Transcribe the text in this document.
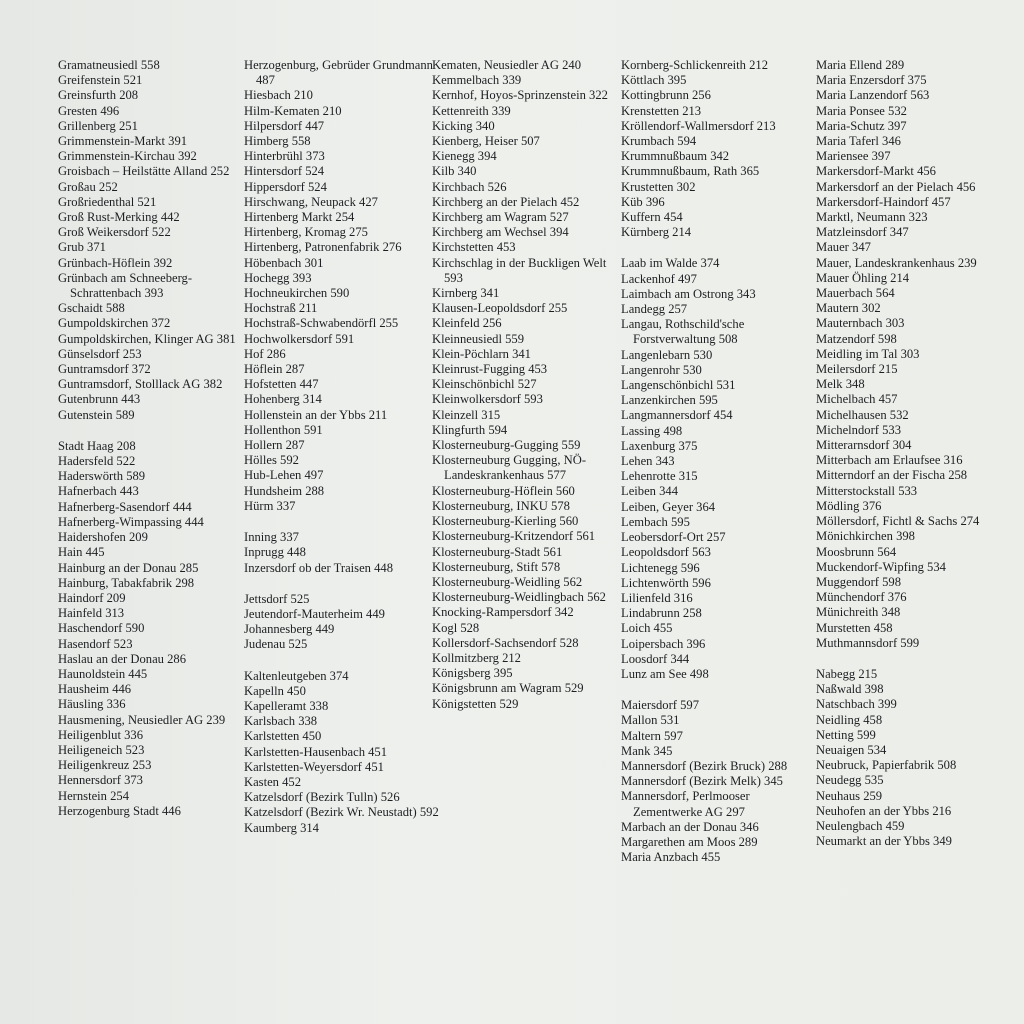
Gramatneusiedl 558

Greifenstein 521

Greinsfurth 208

Gresten 496

Grillenberg 251

Grimmenstein-Markt 391

Grimmenstein-Kirchau 392

Groisbach – Heilstätte Alland 252

Großau 252

Großriedenthal 521

Groß Rust-Merking 442

Groß Weikersdorf 522

Grub 371

Grünbach-Höflein 392

Grünbach am Schneeberg-Schrattenbach 393

Gschaidt 588

Gumpoldskirchen 372

Gumpoldskirchen, Klinger AG 381

Günselsdorf 253

Guntramsdorf 372

Guntramsdorf, Stolllack AG 382

Gutenbrunn 443

Gutenstein 589

Stadt Haag 208

Hadersfeld 522

Haderswörth 589

Hafnerbach 443

Hafnerberg-Sasendorf 444

Hafnerberg-Wimpassing 444

Haidershofen 209

Hain 445

Hainburg an der Donau 285

Hainburg, Tabakfabrik 298

Haindorf 209

Hainfeld 313

Haschendorf 590

Hasendorf 523

Haslau an der Donau 286

Haunoldstein 445

Hausheim 446

Häusling 336

Hausmening, Neusiedler AG 239

Heiligenblut 336

Heiligeneich 523

Heiligenkreuz 253

Hennersdorf 373

Hernstein 254

Herzogenburg Stadt 446

Herzogenburg, Gebrüder Grundmann 487

Hiesbach 210

Hilm-Kematen 210

Hilpersdorf 447

Himberg 558

Hinterbrühl 373

Hintersdorf 524

Hippersdorf 524

Hirschwang, Neupack 427

Hirtenberg Markt 254

Hirtenberg, Kromag 275

Hirtenberg, Patronenfabrik 276

Höbenbach 301

Hochegg 393

Hochneukirchen 590

Hochstraß 211

Hochstraß-Schwabendörfl 255

Hochwolkersdorf 591

Hof 286

Höflein 287

Hofstetten 447

Hohenberg 314

Hollenstein an der Ybbs 211

Hollenthon 591

Hollern 287

Hölles 592

Hub-Lehen 497

Hundsheim 288

Hürm 337

Inning 337

Inprugg 448

Inzersdorf ob der Traisen 448

Jettsdorf 525

Jeutendorf-Mauterheim 449

Johannesberg 449

Judenau 525

Kaltenleutgeben 374

Kapelln 450

Kapelleramt 338

Karlsbach 338

Karlstetten 450

Karlstetten-Hausenbach 451

Karlstetten-Weyersdorf 451

Kasten 452

Katzelsdorf (Bezirk Tulln) 526

Katzelsdorf (Bezirk Wr. Neustadt) 592

Kaumberg 314

Kematen, Neusiedler AG 240

Kemmelbach 339

Kernhof, Hoyos-Sprinzenstein 322

Kettenreith 339

Kicking 340

Kienberg, Heiser 507

Kienegg 394

Kilb 340

Kirchbach 526

Kirchberg an der Pielach 452

Kirchberg am Wagram 527

Kirchberg am Wechsel 394

Kirchstetten 453

Kirchschlag in der Buckligen Welt 593

Kirnberg 341

Klausen-Leopoldsdorf 255

Kleinfeld 256

Kleinneusiedl 559

Klein-Pöchlarn 341

Kleinrust-Fugging 453

Kleinschönbichl 527

Kleinwolkersdorf 593

Kleinzell 315

Klingfurth 594

Klosterneuburg-Gugging 559

Klosterneuburg Gugging, NÖ-Landeskrankenhaus 577

Klosterneuburg-Höflein 560

Klosterneuburg, INKU 578

Klosterneuburg-Kierling 560

Klosterneuburg-Kritzendorf 561

Klosterneuburg-Stadt 561

Klosterneuburg, Stift 578

Klosterneuburg-Weidling 562

Klosterneuburg-Weidlingbach 562

Knocking-Rampersdorf 342

Kogl 528

Kollersdorf-Sachsendorf 528

Kollmitzberg 212

Königsberg 395

Königsbrunn am Wagram 529

Königstetten 529

Kornberg-Schlickenreith 212

Köttlach 395

Kottingbrunn 256

Krenstetten 213

Kröllendorf-Wallmersdorf 213

Krumbach 594

Krummnußbaum 342

Krummnußbaum, Rath 365

Krustetten 302

Küb 396

Kuffern 454

Kürnberg 214

Laab im Walde 374

Lackenhof 497

Laimbach am Ostrong 343

Landegg 257

Langau, Rothschild'sche Forstverwaltung 508

Langenlebarn 530

Langenrohr 530

Langenschönbichl 531

Lanzenkirchen 595

Langmannersdorf 454

Lassing 498

Laxenburg 375

Lehen 343

Lehenrotte 315

Leiben 344

Leiben, Geyer 364

Lembach 595

Leobersdorf-Ort 257

Leopoldsdorf 563

Lichtenegg 596

Lichtenwörth 596

Lilienfeld 316

Lindabrunn 258

Loich 455

Loipersbach 396

Loosdorf 344

Lunz am See 498

Maiersdorf 597

Mallon 531

Maltern 597

Mank 345

Mannersdorf (Bezirk Bruck) 288

Mannersdorf (Bezirk Melk) 345

Mannersdorf, Perlmooser Zementwerke AG 297

Marbach an der Donau 346

Margarethen am Moos 289

Maria Anzbach 455

Maria Ellend 289

Maria Enzersdorf 375

Maria Lanzendorf 563

Maria Ponsee 532

Maria-Schutz 397

Maria Taferl 346

Mariensee 397

Markersdorf-Markt 456

Markersdorf an der Pielach 456

Markersdorf-Haindorf 457

Marktl, Neumann 323

Matzleinsdorf 347

Mauer 347

Mauer, Landeskrankenhaus 239

Mauer Öhling 214

Mauerbach 564

Mautern 302

Mauternbach 303

Matzendorf 598

Meidling im Tal 303

Meilersdorf 215

Melk 348

Michelbach 457

Michelhausen 532

Michelndorf 533

Mitterarnsdorf 304

Mitterbach am Erlaufsee 316

Mitterndorf an der Fischa 258

Mitterstockstall 533

Mödling 376

Möllersdorf, Fichtl & Sachs 274

Mönichkirchen 398

Moosbrunn 564

Muckendorf-Wipfing 534

Muggendorf 598

Münchendorf 376

Münichreith 348

Murstetten 458

Muthmannsdorf 599

Nabegg 215

Naßwald 398

Natschbach 399

Neidling 458

Netting 599

Neuaigen 534

Neubruck, Papierfabrik 508

Neudegg 535

Neuhaus 259

Neuhofen an der Ybbs 216

Neulengbach 459

Neumarkt an der Ybbs 349
